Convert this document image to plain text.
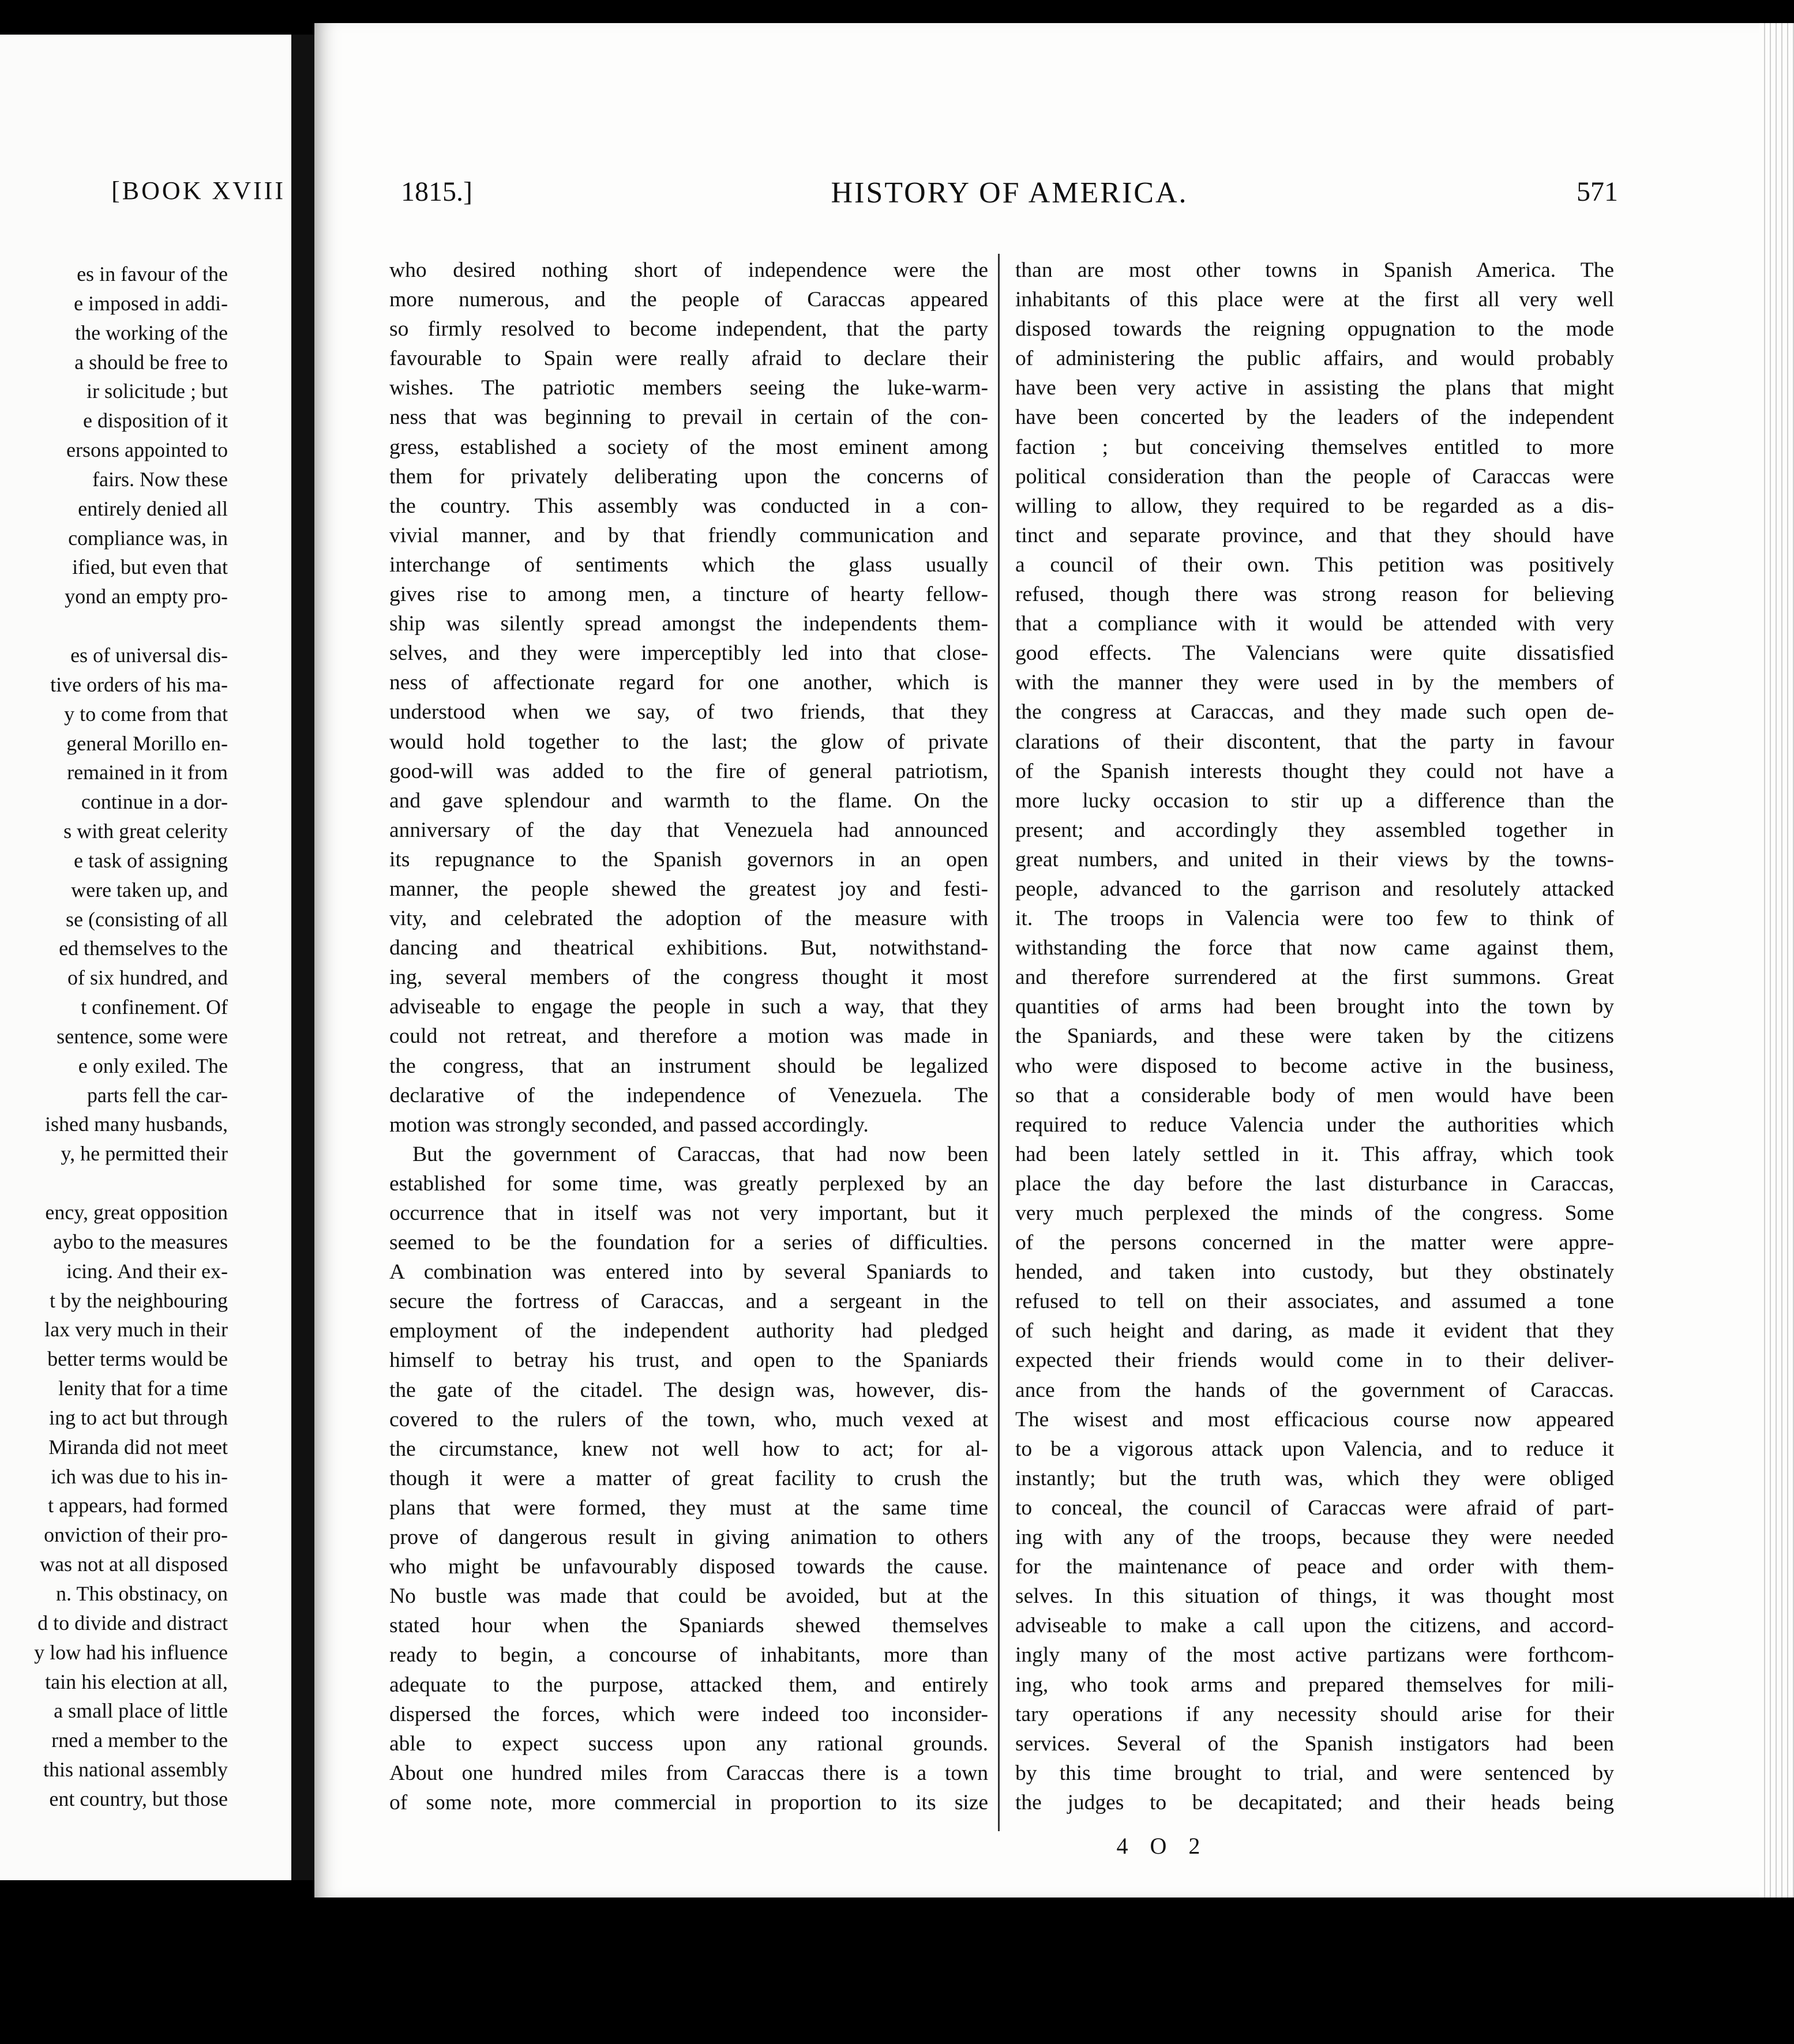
[BOOK XVIII

es in favour of the

e imposed in addi-

the working of the

a should be free to

ir solicitude ; but

e disposition of it

ersons appointed to

fairs. Now these

entirely denied all

compliance was, in

ified, but even that

yond an empty pro-

es of universal dis-

tive orders of his ma-

y to come from that

general Morillo en-

remained in it from

continue in a dor-

s with great celerity

e task of assigning

were taken up, and

se (consisting of all

ed themselves to the

of six hundred, and

t confinement. Of

sentence, some were

e only exiled. The

parts fell the car-

ished many husbands,

y, he permitted their

ency, great opposition

aybo to the measures

icing. And their ex-

t by the neighbouring

lax very much in their

better terms would be

lenity that for a time

ing to act but through

Miranda did not meet

ich was due to his in-

t appears, had formed

onviction of their pro-

was not at all disposed

n. This obstinacy, on

d to divide and distract

y low had his influence

tain his election at all,

a small place of little

rned a member to the

this national assembly

ent country, but those

1815.]	HISTORY OF AMERICA.	571

who desired nothing short of independence were the

more numerous, and the people of Caraccas appeared

so firmly resolved to become independent, that the party

favourable to Spain were really afraid to declare their

wishes. The patriotic members seeing the luke-warm-

ness that was beginning to prevail in certain of the con-

gress, established a society of the most eminent among

them for privately deliberating upon the concerns of

the country. This assembly was conducted in a con-

vivial manner, and by that friendly communication and

interchange of sentiments which the glass usually

gives rise to among men, a tincture of hearty fellow-

ship was silently spread amongst the independents them-

selves, and they were imperceptibly led into that close-

ness of affectionate regard for one another, which is

understood when we say, of two friends, that they

would hold together to the last; the glow of private

good-will was added to the fire of general patriotism,

and gave splendour and warmth to the flame. On the

anniversary of the day that Venezuela had announced

its repugnance to the Spanish governors in an open

manner, the people shewed the greatest joy and festi-

vity, and celebrated the adoption of the measure with

dancing and theatrical exhibitions. But, notwithstand-

ing, several members of the congress thought it most

adviseable to engage the people in such a way, that they

could not retreat, and therefore a motion was made in

the congress, that an instrument should be legalized

declarative of the independence of Venezuela. The

motion was strongly seconded, and passed accordingly.

But the government of Caraccas, that had now been

established for some time, was greatly perplexed by an

occurrence that in itself was not very important, but it

seemed to be the foundation for a series of difficulties.

A combination was entered into by several Spaniards to

secure the fortress of Caraccas, and a sergeant in the

employment of the independent authority had pledged

himself to betray his trust, and open to the Spaniards

the gate of the citadel. The design was, however, dis-

covered to the rulers of the town, who, much vexed at

the circumstance, knew not well how to act; for al-

though it were a matter of great facility to crush the

plans that were formed, they must at the same time

prove of dangerous result in giving animation to others

who might be unfavourably disposed towards the cause.

No bustle was made that could be avoided, but at the

stated hour when the Spaniards shewed themselves

ready to begin, a concourse of inhabitants, more than

adequate to the purpose, attacked them, and entirely

dispersed the forces, which were indeed too inconsider-

able to expect success upon any rational grounds.

About one hundred miles from Caraccas there is a town

of some note, more commercial in proportion to its size

than are most other towns in Spanish America. The

inhabitants of this place were at the first all very well

disposed towards the reigning oppugnation to the mode

of administering the public affairs, and would probably

have been very active in assisting the plans that might

have been concerted by the leaders of the independent

faction ; but conceiving themselves entitled to more

political consideration than the people of Caraccas were

willing to allow, they required to be regarded as a dis-

tinct and separate province, and that they should have

a council of their own. This petition was positively

refused, though there was strong reason for believing

that a compliance with it would be attended with very

good effects. The Valencians were quite dissatisfied

with the manner they were used in by the members of

the congress at Caraccas, and they made such open de-

clarations of their discontent, that the party in favour

of the Spanish interests thought they could not have a

more lucky occasion to stir up a difference than the

present; and accordingly they assembled together in

great numbers, and united in their views by the towns-

people, advanced to the garrison and resolutely attacked

it. The troops in Valencia were too few to think of

withstanding the force that now came against them,

and therefore surrendered at the first summons. Great

quantities of arms had been brought into the town by

the Spaniards, and these were taken by the citizens

who were disposed to become active in the business,

so that a considerable body of men would have been

required to reduce Valencia under the authorities which

had been lately settled in it. This affray, which took

place the day before the last disturbance in Caraccas,

very much perplexed the minds of the congress. Some

of the persons concerned in the matter were appre-

hended, and taken into custody, but they obstinately

refused to tell on their associates, and assumed a tone

of such height and daring, as made it evident that they

expected their friends would come in to their deliver-

ance from the hands of the government of Caraccas.

The wisest and most efficacious course now appeared

to be a vigorous attack upon Valencia, and to reduce it

instantly; but the truth was, which they were obliged

to conceal, the council of Caraccas were afraid of part-

ing with any of the troops, because they were needed

for the maintenance of peace and order with them-

selves. In this situation of things, it was thought most

adviseable to make a call upon the citizens, and accord-

ingly many of the most active partizans were forthcom-

ing, who took arms and prepared themselves for mili-

tary operations if any necessity should arise for their

services. Several of the Spanish instigators had been

by this time brought to trial, and were sentenced by

the judges to be decapitated; and their heads being

4 O 2
